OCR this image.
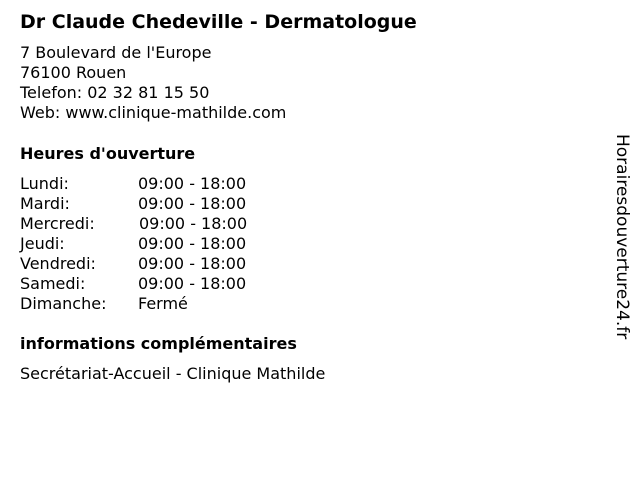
Dr Claude Chedeville - Dermatologue
7 Boulevard de l'Europe
76100 Rouen
Telefon: 02 32 81 15 50
Web: www.clinique-mathilde.com
Heures d'ouverture
Lundi:	09:00 - 18:00
Mardi:	09:00 - 18:00
Mercredi:	09:00 - 18:00
Jeudi:	09:00 - 18:00
Vendredi:	09:00 - 18:00
Samedi:	09:00 - 18:00
Dimanche: Fermé
informations complémentaires
Secrétariat-Accueil - Clinique Mathilde
Horairesdouverture24.fr
